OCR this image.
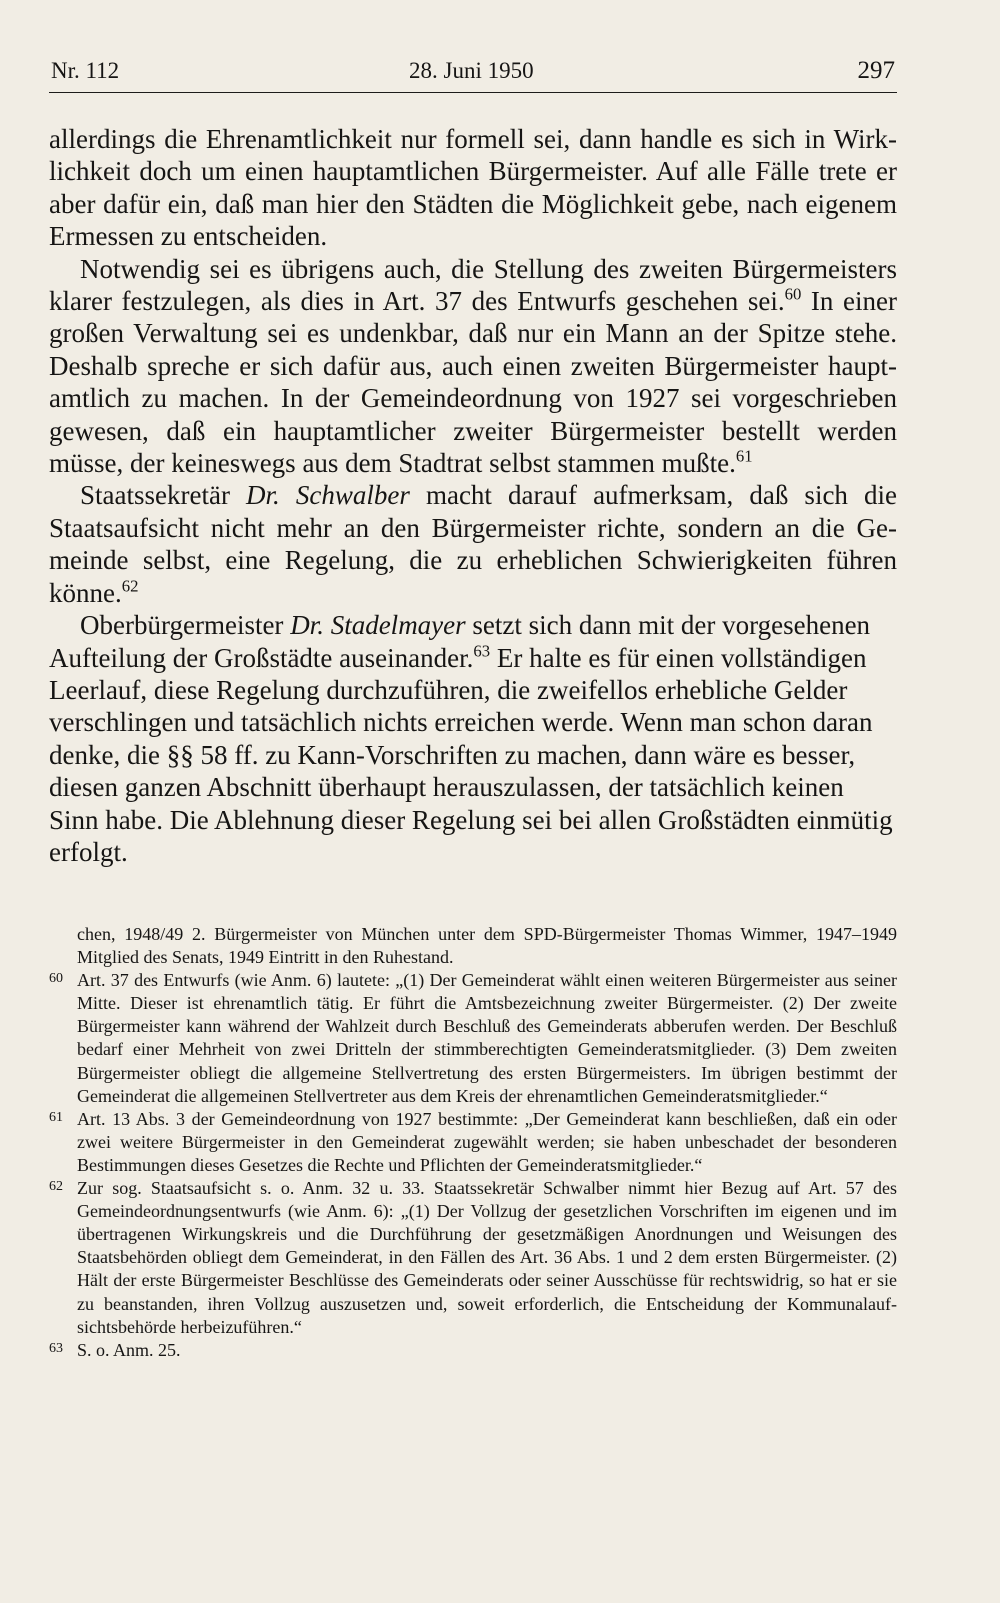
Nr. 112	28. Juni 1950	297

allerdings die Ehrenamtlichkeit nur formell sei, dann handle es sich in Wirklichkeit doch um einen hauptamtlichen Bürgermeister. Auf alle Fälle trete er aber dafür ein, daß man hier den Städten die Möglichkeit gebe, nach eigenem Ermessen zu entscheiden.

Notwendig sei es übrigens auch, die Stellung des zweiten Bürgermeisters klarer festzulegen, als dies in Art. 37 des Entwurfs geschehen sei.$^{60}$ In einer großen Verwaltung sei es undenkbar, daß nur ein Mann an der Spitze stehe. Deshalb spreche er sich dafür aus, auch einen zweiten Bürgermeister hauptamtlich zu machen. In der Gemeindeordnung von 1927 sei vorgeschrieben gewesen, daß ein hauptamtlicher zweiter Bürgermeister bestellt werden müsse, der keineswegs aus dem Stadtrat selbst stammen mußte.$^{61}$

Staatssekretär Dr. Schwalber macht darauf aufmerksam, daß sich die Staatsaufsicht nicht mehr an den Bürgermeister richte, sondern an die Gemeinde selbst, eine Regelung, die zu erheblichen Schwierigkeiten führen könne.$^{62}$

Oberbürgermeister Dr. Stadelmayer setzt sich dann mit der vorgesehenen Aufteilung der Großstädte auseinander.$^{63}$ Er halte es für einen vollständigen Leerlauf, diese Regelung durchzuführen, die zweifellos erhebliche Gelder verschlingen und tatsächlich nichts erreichen werde. Wenn man schon daran denke, die §§ 58 ff. zu Kann-Vorschriften zu machen, dann wäre es besser, diesen ganzen Abschnitt überhaupt herauszulassen, der tatsächlich keinen Sinn habe. Die Ablehnung dieser Regelung sei bei allen Großstädten einmütig erfolgt.

chen, 1948/49 2. Bürgermeister von München unter dem SPD-Bürgermeister Thomas Wimmer, 1947–1949 Mitglied des Senats, 1949 Eintritt in den Ruhestand.
60 Art. 37 des Entwurfs (wie Anm. 6) lautete: „(1) Der Gemeinderat wählt einen weiteren Bürgermeister aus seiner Mitte. Dieser ist ehrenamtlich tätig. Er führt die Amtsbezeichnung zweiter Bürgermeister. (2) Der zweite Bürgermeister kann während der Wahlzeit durch Beschluß des Gemeinderats abberufen werden. Der Beschluß bedarf einer Mehrheit von zwei Dritteln der stimmberechtigten Gemeinderatsmitglieder. (3) Dem zweiten Bürgermeister obliegt die allgemeine Stellvertretung des ersten Bürgermeisters. Im übrigen bestimmt der Gemeinderat die allgemeinen Stellvertreter aus dem Kreis der ehrenamtlichen Gemeinderatsmitglieder.“
61 Art. 13 Abs. 3 der Gemeindeordnung von 1927 bestimmte: „Der Gemeinderat kann beschließen, daß ein oder zwei weitere Bürgermeister in den Gemeinderat zugewählt werden; sie haben unbeschadet der besonderen Bestimmungen dieses Gesetzes die Rechte und Pflichten der Gemeinderatsmitglieder.“
62 Zur sog. Staatsaufsicht s. o. Anm. 32 u. 33. Staatssekretär Schwalber nimmt hier Bezug auf Art. 57 des Gemeindeordnungsentwurfs (wie Anm. 6): „(1) Der Vollzug der gesetzlichen Vorschriften im eigenen und im übertragenen Wirkungskreis und die Durchführung der gesetzmäßigen Anordnungen und Weisungen des Staatsbehörden obliegt dem Gemeinderat, in den Fällen des Art. 36 Abs. 1 und 2 dem ersten Bürgermeister. (2) Hält der erste Bürgermeister Beschlüsse des Gemeinderats oder seiner Ausschüsse für rechtswidrig, so hat er sie zu beanstanden, ihren Vollzug auszusetzen und, soweit erforderlich, die Entscheidung der Kommunalaufsichtsbehörde herbeizuführen.“
63 S. o. Anm. 25.
